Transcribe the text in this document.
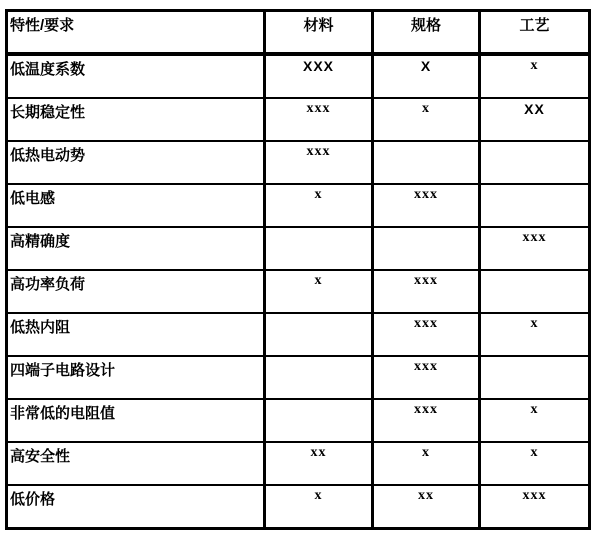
特性/要求	材料	规格	工艺
低温度系数	XXX	X	x
长期稳定性	xxx	x	XX
低热电动势	xxx		
低电感	x	xxx	
高精确度			xxx
高功率负荷	x	xxx	
低热内阻		xxx	x
四端子电路设计		xxx	
非常低的电阻值		xxx	x
高安全性	xx	x	x
低价格	x	xx	xxx
